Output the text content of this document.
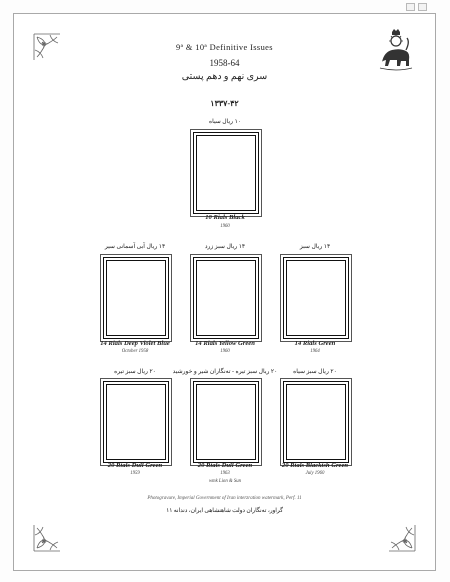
9ª & 10ª Definitive Issues
1958-64
سری نهم و دهم پستی
۱۳۳۷-۴۲
۱۰ ریال سیاه
10 Rials Black
1960
۱۴ ریال آبی آسمانی سیر
14 Rials Deep Violet Blue
October 1958
۱۴ ریال سبز زرد
14 Rials Yellow Green
1960
۱۴ ریال سبز
14 Rials Green
1964
۲۰ ریال سبز تیره
20 Rials Dull Green
1959
۲۰ ریال سبز تیره - ته‌نگاران شیر و خورشید
20 Rials Dull Green
1963
wmk Lion & Sun
۲۰ ریال سبز سیاه
20 Rials Blackish Green
July 1960
Photogravure, Imperial Government of Iran interzration watermark, Perf. 11
گراور، ته‌نگاران دولت شاهنشاهی ایران، دندانه ۱۱
